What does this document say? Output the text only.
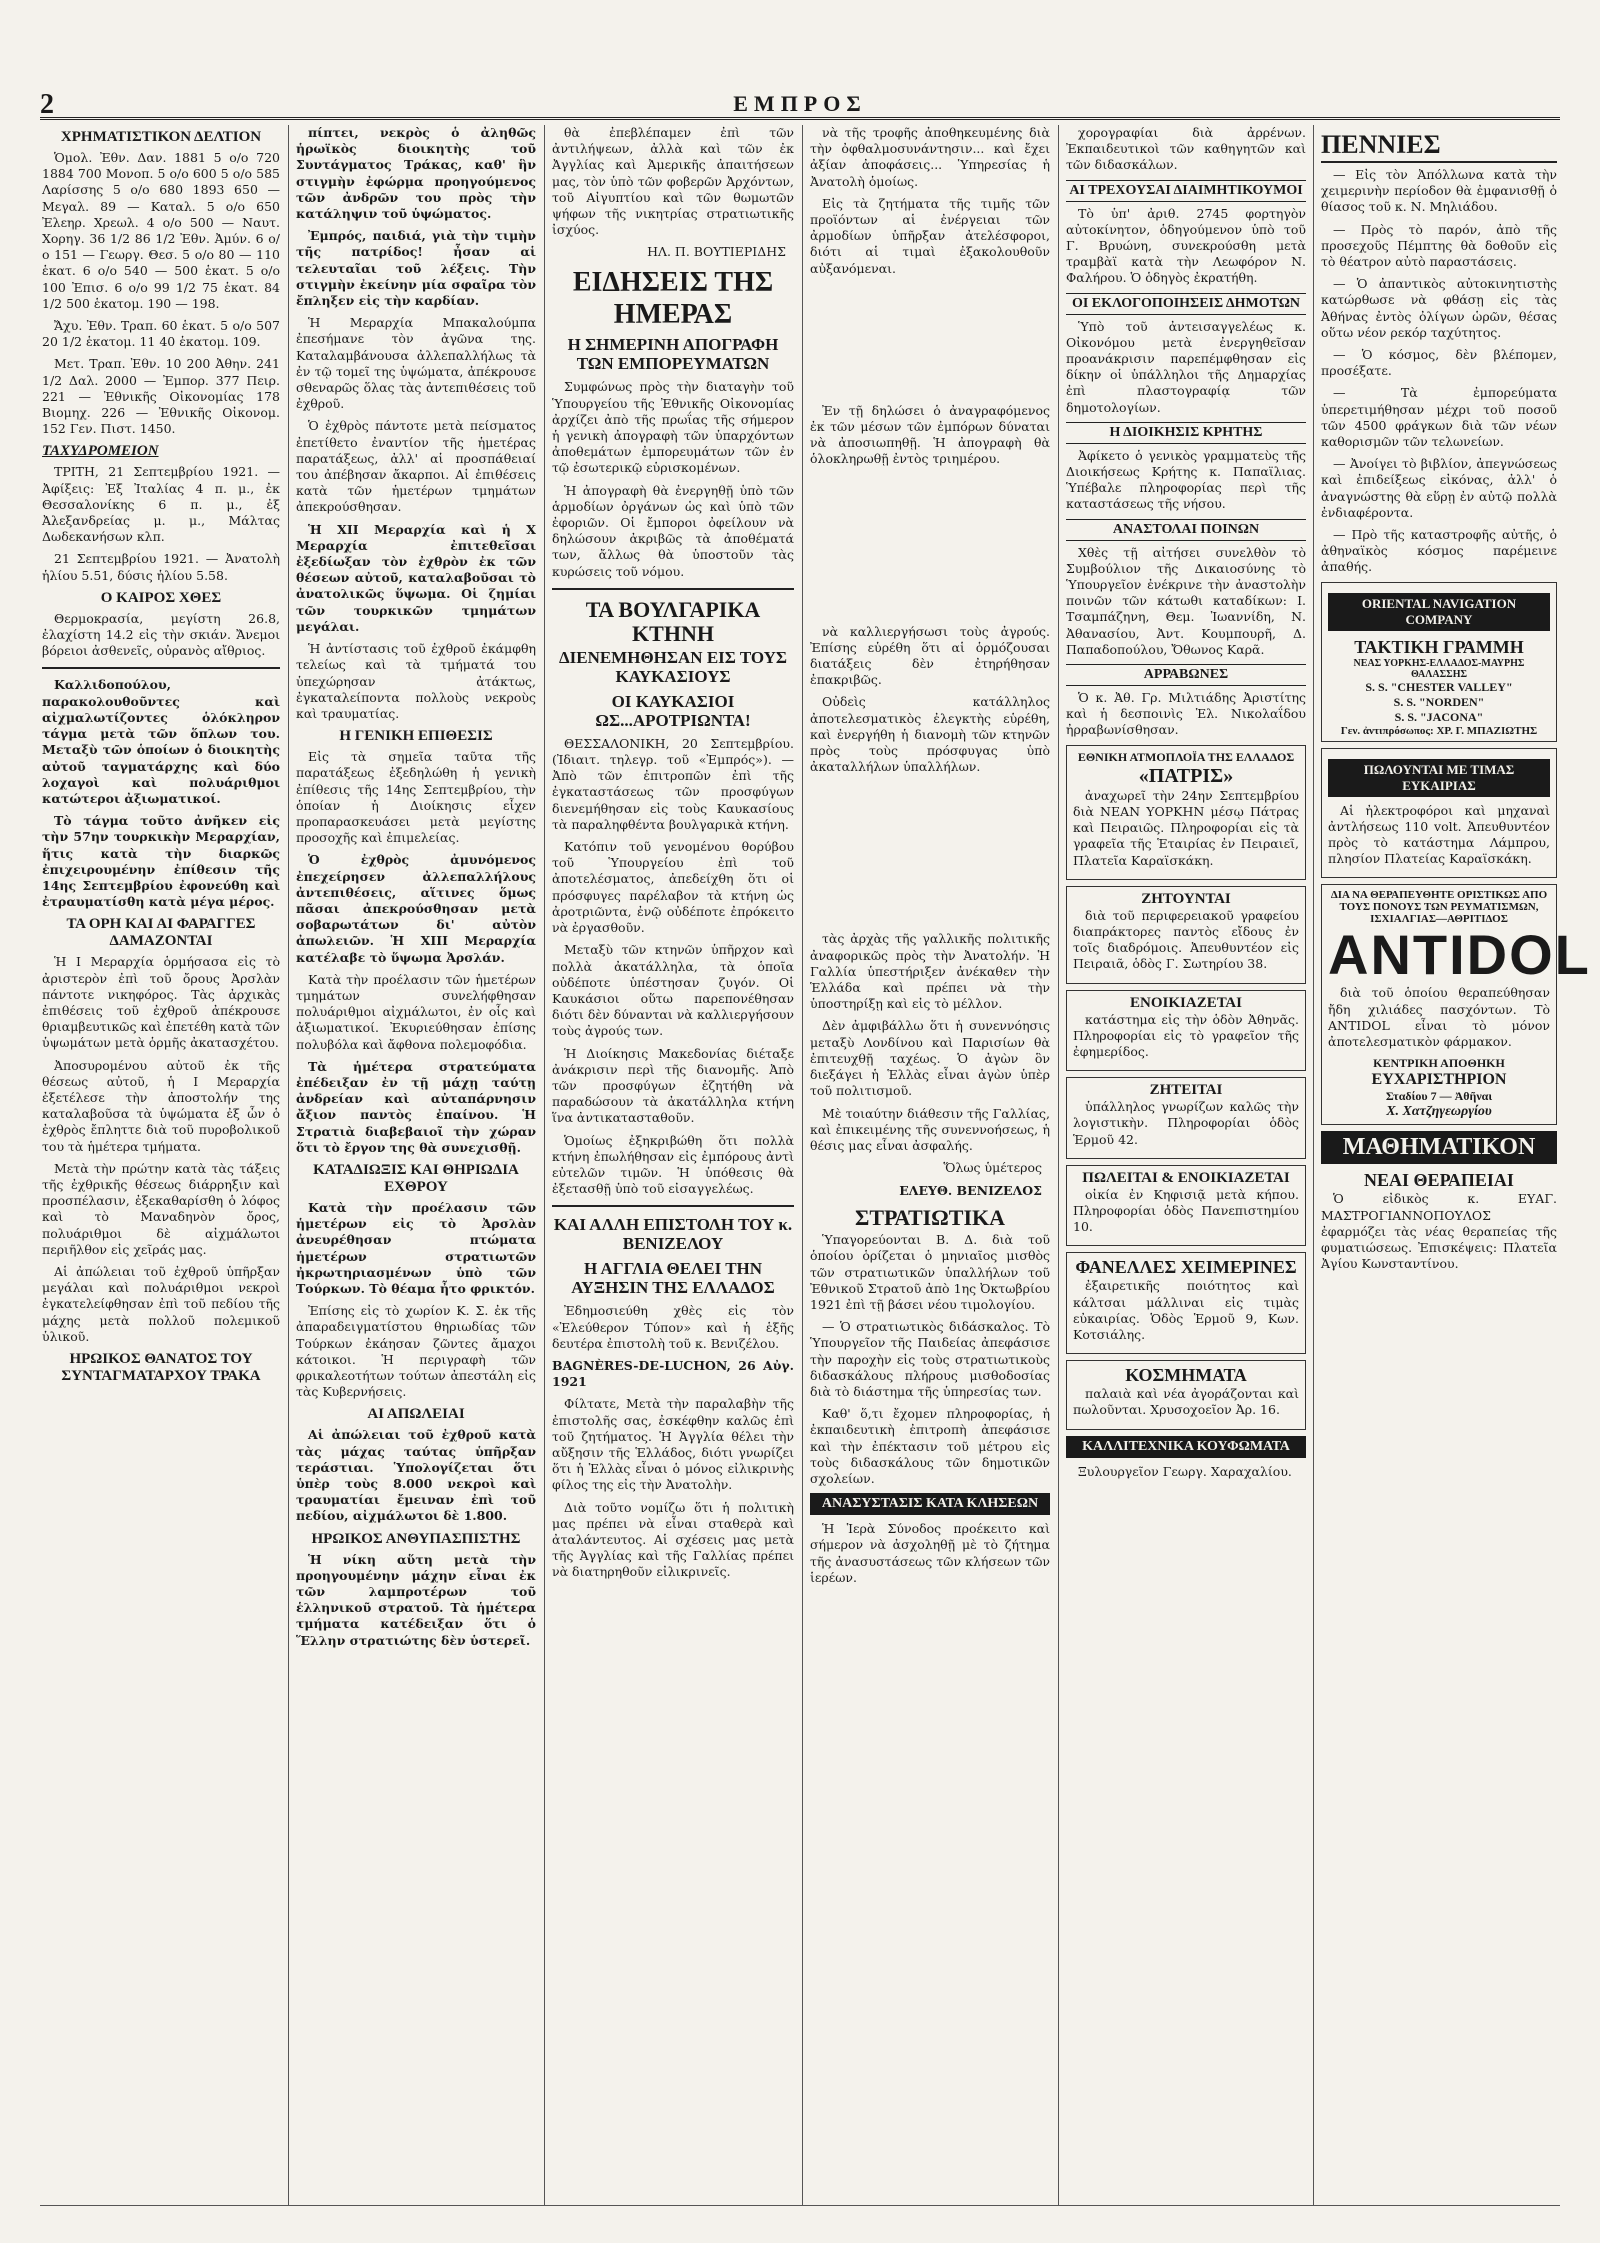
2	ΕΜΠΡΟΣ
ΧΡΗΜΑΤΙΣΤΙΚΟΝ ΔΕΛΤΙΟΝ

Ὁμολ. Ἐθν. Δαν. 1881 5 ο/ο 720 1884 700 Μονοπ. 5 ο/ο 600 5 ο/ο 585 Λαρίσσης 5 ο/ο 680 1893 650 — Μεγαλ. 89 — Καταλ. 5 ο/ο 650 Ἐλεηρ. Χρεωλ. 4 ο/ο 500 — Ναυτ. Χορηγ. 36 1/2 86 1/2 Ἐθν. Ἀμύν. 6 ο/ο 151 — Γεωργ. Θεσ. 5 ο/ο 80 — 110 ἑκατ. 6 ο/ο 540 — 500 ἑκατ. 5 ο/ο 100 Ἐπισ. 6 ο/ο 99 1/2 75 ἑκατ. 84 1/2 500 ἑκατομ. 190 — 198.

Ἄχυ. Ἐθν. Τραπ. 60 ἑκατ. 5 ο/ο 507 20 1/2 ἑκατομ. 11 40 ἑκατομ. 109.

Μετ. Τραπ. Ἐθν. 10 200 Ἀθην. 241 1/2 Δαλ. 2000 — Ἐμπορ. 377 Πειρ. 221 — Ἐθνικῆς Οἰκονομίας 178 Βιομηχ. 226 — Ἐθνικῆς Οἰκονομ. 152 Γεν. Πιστ. 1450.

ΤΑΧΥΔΡΟΜΕΙΟΝ

ΤΡΙΤΗ, 21 Σεπτεμβρίου 1921. — Ἀφίξεις: Ἐξ Ἰταλίας 4 π. μ., ἐκ Θεσσαλονίκης 6 π. μ., ἐξ Ἀλεξανδρείας μ. μ., Μάλτας Δωδεκανήσων κλπ.

21 Σεπτεμβρίου 1921. — Ἀνατολὴ ἡλίου 5.51, δύσις ἡλίου 5.58.

Ο ΚΑΙΡΟΣ ΧΘΕΣ

Θερμοκρασία, μεγίστη 26.8, ἐλαχίστη 14.2 εἰς τὴν σκιάν. Ἄνεμοι βόρειοι ἀσθενεῖς, οὐρανὸς αἴθριος.

Καλλιδοπούλου, παρακολουθοῦντες καὶ αἰχμαλωτίζοντες ὁλόκληρον τάγμα μετὰ τῶν ὅπλων του. Μεταξὺ τῶν ὁποίων ὁ διοικητὴς αὐτοῦ ταγματάρχης καὶ δύο λοχαγοὶ καὶ πολυάριθμοι κατώτεροι ἀξιωματικοί.

Τὸ τάγμα τοῦτο ἀνῆκεν εἰς τὴν 57ην τουρκικὴν Μεραρχίαν, ἥτις κατὰ τὴν διαρκῶς ἐπιχειρουμένην ἐπίθεσιν τῆς 14ης Σεπτεμβρίου ἐφονεύθη καὶ ἐτραυματίσθη κατὰ μέγα μέρος.

ΤΑ ΟΡΗ ΚΑΙ ΑΙ ΦΑΡΑΓΓΕΣ ΔΑΜΑΖΟΝΤΑΙ

Ἡ Ι Μεραρχία ὁρμήσασα εἰς τὸ ἀριστερὸν ἐπὶ τοῦ ὄρους Ἀρσλὰν πάντοτε νικηφόρος. Τὰς ἀρχικὰς ἐπιθέσεις τοῦ ἐχθροῦ ἀπέκρουσε θριαμβευτικῶς καὶ ἐπετέθη κατὰ τῶν ὑψωμάτων μετὰ ὁρμῆς ἀκατασχέτου.

Ἀποσυρομένου αὐτοῦ ἐκ τῆς θέσεως αὐτοῦ, ἡ Ι Μεραρχία ἐξετέλεσε τὴν ἀποστολήν της καταλαβοῦσα τὰ ὑψώματα ἐξ ὧν ὁ ἐχθρὸς ἔπληττε διὰ τοῦ πυροβολικοῦ του τὰ ἡμέτερα τμήματα.

Μετὰ τὴν πρώτην κατὰ τὰς τάξεις τῆς ἐχθρικῆς θέσεως διάρρηξιν καὶ προσπέλασιν, ἐξεκαθαρίσθη ὁ λόφος καὶ τὸ Μαναδηνὸν ὄρος, πολυάριθμοι δὲ αἰχμάλωτοι περιῆλθον εἰς χεῖράς μας.

Αἱ ἀπώλειαι τοῦ ἐχθροῦ ὑπῆρξαν μεγάλαι καὶ πολυάριθμοι νεκροὶ ἐγκατελείφθησαν ἐπὶ τοῦ πεδίου τῆς μάχης μετὰ πολλοῦ πολεμικοῦ ὑλικοῦ.

ΗΡΩΙΚΟΣ ΘΑΝΑΤΟΣ ΤΟΥ ΣΥΝΤΑΓΜΑΤΑΡΧΟΥ ΤΡΑΚΑ

πίπτει, νεκρὸς ὁ ἀληθῶς ἡρωϊκὸς διοικητὴς τοῦ Συντάγματος Τράκας, καθ' ἣν στιγμὴν ἐφώρμα προηγούμενος τῶν ἀνδρῶν του πρὸς τὴν κατάληψιν τοῦ ὑψώματος.

Ἐμπρός, παιδιά, γιὰ τὴν τιμὴν τῆς πατρίδος! ἦσαν αἱ τελευταῖαι τοῦ λέξεις. Τὴν στιγμὴν ἐκείνην μία σφαῖρα τὸν ἔπληξεν εἰς τὴν καρδίαν.

Ἡ Μεραρχία Μπακαλούμπα ἐπεσήμανε τὸν ἀγῶνα της. Καταλαμβάνουσα ἀλλεπαλλήλως τὰ ἐν τῷ τομεῖ της ὑψώματα, ἀπέκρουσε σθεναρῶς ὅλας τὰς ἀντεπιθέσεις τοῦ ἐχθροῦ.

Ὁ ἐχθρὸς πάντοτε μετὰ πείσματος ἐπετίθετο ἐναντίον τῆς ἡμετέρας παρατάξεως, ἀλλ' αἱ προσπάθειαί του ἀπέβησαν ἄκαρποι. Αἱ ἐπιθέσεις κατὰ τῶν ἡμετέρων τμημάτων ἀπεκρούσθησαν.

Ἡ XII Μεραρχία καὶ ἡ Χ Μεραρχία ἐπιτεθεῖσαι ἐξεδίωξαν τὸν ἐχθρὸν ἐκ τῶν θέσεων αὐτοῦ, καταλαβοῦσαι τὸ ἀνατολικῶς ὕψωμα. Οἱ ζημίαι τῶν τουρκικῶν τμημάτων μεγάλαι.

Ἡ ἀντίστασις τοῦ ἐχθροῦ ἐκάμφθη τελείως καὶ τὰ τμήματά του ὑπεχώρησαν ἀτάκτως, ἐγκαταλείποντα πολλοὺς νεκροὺς καὶ τραυματίας.

Η ΓΕΝΙΚΗ ΕΠΙΘΕΣΙΣ

Εἰς τὰ σημεῖα ταῦτα τῆς παρατάξεως ἐξεδηλώθη ἡ γενικὴ ἐπίθεσις τῆς 14ης Σεπτεμβρίου, τὴν ὁποίαν ἡ Διοίκησις εἶχεν προπαρασκευάσει μετὰ μεγίστης προσοχῆς καὶ ἐπιμελείας.

Ὁ ἐχθρὸς ἀμυνόμενος ἐπεχείρησεν ἀλλεπαλλήλους ἀντεπιθέσεις, αἵτινες ὅμως πᾶσαι ἀπεκρούσθησαν μετὰ σοβαρωτάτων δι' αὐτὸν ἀπωλειῶν. Ἡ XIII Μεραρχία κατέλαβε τὸ ὕψωμα Ἀρσλάν.

Κατὰ τὴν προέλασιν τῶν ἡμετέρων τμημάτων συνελήφθησαν πολυάριθμοι αἰχμάλωτοι, ἐν οἷς καὶ ἀξιωματικοί. Ἐκυριεύθησαν ἐπίσης πολυβόλα καὶ ἄφθονα πολεμοφόδια.

Τὰ ἡμέτερα στρατεύματα ἐπέδειξαν ἐν τῇ μάχῃ ταύτῃ ἀνδρείαν καὶ αὐταπάρνησιν ἄξιον παντὸς ἐπαίνου. Ἡ Στρατιὰ διαβεβαιοῖ τὴν χώραν ὅτι τὸ ἔργον της θὰ συνεχισθῇ.

ΚΑΤΑΔΙΩΞΙΣ ΚΑΙ ΘΗΡΙΩΔΙΑ ΕΧΘΡΟΥ

Κατὰ τὴν προέλασιν τῶν ἡμετέρων εἰς τὸ Ἀρσλὰν ἀνευρέθησαν πτώματα ἡμετέρων στρατιωτῶν ἠκρωτηριασμένων ὑπὸ τῶν Τούρκων. Τὸ θέαμα ἦτο φρικτόν.

Ἐπίσης εἰς τὸ χωρίον Κ. Σ. ἐκ τῆς ἀπαραδειγματίστου θηριωδίας τῶν Τούρκων ἐκάησαν ζῶντες ἄμαχοι κάτοικοι. Ἡ περιγραφὴ τῶν φρικαλεοτήτων τούτων ἀπεστάλη εἰς τὰς Κυβερνήσεις.

ΑΙ ΑΠΩΛΕΙΑΙ

Αἱ ἀπώλειαι τοῦ ἐχθροῦ κατὰ τὰς μάχας ταύτας ὑπῆρξαν τεράστιαι. Ὑπολογίζεται ὅτι ὑπὲρ τοὺς 8.000 νεκροὶ καὶ τραυματίαι ἔμειναν ἐπὶ τοῦ πεδίου, αἰχμάλωτοι δὲ 1.800.

ΗΡΩΙΚΟΣ ΑΝΘΥΠΑΣΠΙΣΤΗΣ

Ἡ νίκη αὕτη μετὰ τὴν προηγουμένην μάχην εἶναι ἐκ τῶν λαμπροτέρων τοῦ ἑλληνικοῦ στρατοῦ. Τὰ ἡμέτερα τμήματα κατέδειξαν ὅτι ὁ Ἕλλην στρατιώτης δὲν ὑστερεῖ.

θὰ ἐπεβλέπαμεν ἐπὶ τῶν ἀντιλήψεων, ἀλλὰ καὶ τῶν ἐκ Ἀγγλίας καὶ Ἀμερικῆς ἀπαιτήσεων μας, τὸν ὑπὸ τῶν φοβερῶν Ἀρχόντων, τοῦ Αἰγυπτίου καὶ τῶν θωμωτῶν ψήφων τῆς νικητρίας στρατιωτικῆς ἰσχύος.

ΗΛ. Π. ΒΟΥΤΙΕΡΙΔΗΣ
ΕΙΔΗΣΕΙΣ ΤΗΣ ΗΜΕΡΑΣ
Η ΣΗΜΕΡΙΝΗ ΑΠΟΓΡΑΦΗ ΤΩΝ ΕΜΠΟΡΕΥΜΑΤΩΝ

Συμφώνως πρὸς τὴν διαταγὴν τοῦ Ὑπουργείου τῆς Ἐθνικῆς Οἰκονομίας ἀρχίζει ἀπὸ τῆς πρωΐας τῆς σήμερον ἡ γενικὴ ἀπογραφὴ τῶν ὑπαρχόντων ἀποθεμάτων ἐμπορευμάτων τῶν ἐν τῷ ἐσωτερικῷ εὑρισκομένων.

Ἡ ἀπογραφὴ θὰ ἐνεργηθῇ ὑπὸ τῶν ἁρμοδίων ὀργάνων ὡς καὶ ὑπὸ τῶν ἐφοριῶν. Οἱ ἔμποροι ὀφείλουν νὰ δηλώσουν ἀκριβῶς τὰ ἀποθέματά των, ἄλλως θὰ ὑποστοῦν τὰς κυρώσεις τοῦ νόμου.

ΤΑ ΒΟΥΛΓΑΡΙΚΑ ΚΤΗΝΗ
ΔΙΕΝΕΜΗΘΗΣΑΝ ΕΙΣ ΤΟΥΣ ΚΑΥΚΑΣΙΟΥΣ
ΟΙ ΚΑΥΚΑΣΙΟΙ ΩΣ...ΑΡΟΤΡΙΩΝΤΑ!

ΘΕΣΣΑΛΟΝΙΚΗ, 20 Σεπτεμβρίου. (Ἰδιαιτ. τηλεγρ. τοῦ «Ἐμπρός»). — Ἀπὸ τῶν ἐπιτροπῶν ἐπὶ τῆς ἐγκαταστάσεως τῶν προσφύγων διενεμήθησαν εἰς τοὺς Καυκασίους τὰ παραληφθέντα βουλγαρικὰ κτήνη.

Κατόπιν τοῦ γενομένου θορύβου τοῦ Ὑπουργείου ἐπὶ τοῦ ἀποτελέσματος, ἀπεδείχθη ὅτι οἱ πρόσφυγες παρέλαβον τὰ κτήνη ὡς ἀροτριῶντα, ἐνῷ οὐδέποτε ἐπρόκειτο νὰ ἐργασθοῦν.

Μεταξὺ τῶν κτηνῶν ὑπῆρχον καὶ πολλὰ ἀκατάλληλα, τὰ ὁποῖα οὐδέποτε ὑπέστησαν ζυγόν. Οἱ Καυκάσιοι οὕτω παρεπονέθησαν διότι δὲν δύνανται νὰ καλλιεργήσουν τοὺς ἀγρούς των.

Ἡ Διοίκησις Μακεδονίας διέταξε ἀνάκρισιν περὶ τῆς διανομῆς. Ἀπὸ τῶν προσφύγων ἐζητήθη νὰ παραδώσουν τὰ ἀκατάλληλα κτήνη ἵνα ἀντικατασταθοῦν.

Ὁμοίως ἐξηκριβώθη ὅτι πολλὰ κτήνη ἐπωλήθησαν εἰς ἐμπόρους ἀντὶ εὐτελῶν τιμῶν. Ἡ ὑπόθεσις θὰ ἐξετασθῇ ὑπὸ τοῦ εἰσαγγελέως.

ΚΑΙ ΑΛΛΗ ΕΠΙΣΤΟΛΗ ΤΟΥ κ. ΒΕΝΙΖΕΛΟΥ
Η ΑΓΓΛΙΑ ΘΕΛΕΙ ΤΗΝ ΑΥΞΗΣΙΝ ΤΗΣ ΕΛΛΑΔΟΣ

Ἐδημοσιεύθη χθὲς εἰς τὸν «Ἐλεύθερον Τύπον» καὶ ἡ ἑξῆς δευτέρα ἐπιστολὴ τοῦ κ. Βενιζέλου.

BAGNÈRES-DE-LUCHON, 26 Αὐγ. 1921

Φίλτατε, Μετὰ τὴν παραλαβὴν τῆς ἐπιστολῆς σας, ἐσκέφθην καλῶς ἐπὶ τοῦ ζητήματος. Ἡ Ἀγγλία θέλει τὴν αὔξησιν τῆς Ἑλλάδος, διότι γνωρίζει ὅτι ἡ Ἑλλὰς εἶναι ὁ μόνος εἰλικρινὴς φίλος της εἰς τὴν Ἀνατολὴν.

Διὰ τοῦτο νομίζω ὅτι ἡ πολιτικὴ μας πρέπει νὰ εἶναι σταθερὰ καὶ ἀταλάντευτος. Αἱ σχέσεις μας μετὰ τῆς Ἀγγλίας καὶ τῆς Γαλλίας πρέπει νὰ διατηρηθοῦν εἰλικρινεῖς.

νὰ τῆς τροφῆς ἀποθηκευμένης διὰ τὴν ὀφθαλμοσυνάντησιν... καὶ ἔχει ἀξίαν ἀποφάσεις... Ὑπηρεσίας ἡ Ἀνατολὴ ὁμοίως.

Εἰς τὰ ζητήματα τῆς τιμῆς τῶν προϊόντων αἱ ἐνέργειαι τῶν ἀρμοδίων ὑπῆρξαν ἀτελέσφοροι, διότι αἱ τιμαὶ ἐξακολουθοῦν αὐξανόμεναι.

Ἐν τῇ δηλώσει ὁ ἀναγραφόμενος ἐκ τῶν μέσων τῶν ἐμπόρων δύναται νὰ ἀποσιωπηθῇ. Ἡ ἀπογραφὴ θὰ ὁλοκληρωθῇ ἐντὸς τριημέρου.

νὰ καλλιεργήσωσι τοὺς ἀγρούς. Ἐπίσης εὑρέθη ὅτι αἱ ὁρμόζουσαι διατάξεις δὲν ἐτηρήθησαν ἐπακριβῶς.

Οὐδεὶς κατάλληλος ἀποτελεσματικὸς ἐλεγκτὴς εὑρέθη, καὶ ἐνεργήθη ἡ διανομὴ τῶν κτηνῶν πρὸς τοὺς πρόσφυγας ὑπὸ ἀκαταλλήλων ὑπαλλήλων.

τὰς ἀρχὰς τῆς γαλλικῆς πολιτικῆς ἀναφορικῶς πρὸς τὴν Ἀνατολήν. Ἡ Γαλλία ὑπεστήριξεν ἀνέκαθεν τὴν Ἑλλάδα καὶ πρέπει νὰ τὴν ὑποστηρίξῃ καὶ εἰς τὸ μέλλον.

Δὲν ἀμφιβάλλω ὅτι ἡ συνεννόησις μεταξὺ Λονδίνου καὶ Παρισίων θὰ ἐπιτευχθῇ ταχέως. Ὁ ἀγὼν ὃν διεξάγει ἡ Ἑλλὰς εἶναι ἀγὼν ὑπὲρ τοῦ πολιτισμοῦ.

Μὲ τοιαύτην διάθεσιν τῆς Γαλλίας, καὶ ἐπικειμένης τῆς συνεννοήσεως, ἡ θέσις μας εἶναι ἀσφαλής.

Ὅλως ὑμέτερος
ΕΛΕΥΘ. ΒΕΝΙΖΕΛΟΣ
ΣΤΡΑΤΙΩΤΙΚΑ

Ὑπαγορεύονται Β. Δ. διὰ τοῦ ὁποίου ὁρίζεται ὁ μηνιαῖος μισθὸς τῶν στρατιωτικῶν ὑπαλλήλων τοῦ Ἐθνικοῦ Στρατοῦ ἀπὸ 1ης Ὀκτωβρίου 1921 ἐπὶ τῇ βάσει νέου τιμολογίου.

— Ὁ στρατιωτικὸς διδάσκαλος. Τὸ Ὑπουργεῖον τῆς Παιδείας ἀπεφάσισε τὴν παροχὴν εἰς τοὺς στρατιωτικοὺς διδασκάλους πλήρους μισθοδοσίας διὰ τὸ διάστημα τῆς ὑπηρεσίας των.

Καθ' ὅ,τι ἔχομεν πληροφορίας, ἡ ἐκπαιδευτικὴ ἐπιτροπὴ ἀπεφάσισε καὶ τὴν ἐπέκτασιν τοῦ μέτρου εἰς τοὺς διδασκάλους τῶν δημοτικῶν σχολείων.

ΑΝΑΣΥΣΤΑΣΙΣ ΚΑΤΑ ΚΛΗΣΕΩΝ

Ἡ Ἱερὰ Σύνοδος προέκειτο καὶ σήμερον νὰ ἀσχοληθῇ μὲ τὸ ζήτημα τῆς ἀνασυστάσεως τῶν κλήσεων τῶν ἱερέων.

χορογραφίαι διὰ ἀρρένων. Ἐκπαιδευτικοὶ τῶν καθηγητῶν καὶ τῶν διδασκάλων.

ΑΙ ΤΡΕΧΟΥΣΑΙ ΔΙΑΙΜΗΤΙΚΟΥΜΟΙ

Τὸ ὑπ' ἀριθ. 2745 φορτηγὸν αὐτοκίνητον, ὁδηγούμενον ὑπὸ τοῦ Γ. Βρυώνη, συνεκρούσθη μετὰ τραμβὰϊ κατὰ τὴν Λεωφόρον Ν. Φαλήρου. Ὁ ὁδηγὸς ἐκρατήθη.

ΟΙ ΕΚΛΟΓΟΠΟΙΗΣΕΙΣ ΔΗΜΟΤΩΝ

Ὑπὸ τοῦ ἀντεισαγγελέως κ. Οἰκονόμου μετὰ ἐνεργηθεῖσαν προανάκρισιν παρεπέμφθησαν εἰς δίκην οἱ ὑπάλληλοι τῆς Δημαρχίας ἐπὶ πλαστογραφίᾳ τῶν δημοτολογίων.

Η ΔΙΟΙΚΗΣΙΣ ΚΡΗΤΗΣ

Ἀφίκετο ὁ γενικὸς γραμματεὺς τῆς Διοικήσεως Κρήτης κ. Παπαϊλιας. Ὑπέβαλε πληροφορίας περὶ τῆς καταστάσεως τῆς νήσου.

ΑΝΑΣΤΟΛΑΙ ΠΟΙΝΩΝ

Χθὲς τῇ αἰτήσει συνελθὸν τὸ Συμβούλιον τῆς Δικαιοσύνης τὸ Ὑπουργεῖον ἐνέκρινε τὴν ἀναστολὴν ποινῶν τῶν κάτωθι καταδίκων: Ι. Τσαμπάζηνη, Θεμ. Ἰωαννίδη, Ν. Ἀθανασίου, Ἀντ. Κουμπουρῆ, Δ. Παπαδοπούλου, Ὄθωνος Καρᾶ.

ΑΡΡΑΒΩΝΕΣ

Ὁ κ. Ἀθ. Γρ. Μιλτιάδης Ἀριστίτης καὶ ἡ δεσποινὶς Ἑλ. Νικολαΐδου ἠρραβωνίσθησαν.

ΕΘΝΙΚΗ ΑΤΜΟΠΛΟΪΑ ΤΗΣ ΕΛΛΑΔΟΣ
«ΠΑΤΡΙΣ»

ἀναχωρεῖ τὴν 24ην Σεπτεμβρίου διὰ ΝΕΑΝ ΥΟΡΚΗΝ μέσῳ Πάτρας καὶ Πειραιῶς. Πληροφορίαι εἰς τὰ γραφεῖα τῆς Ἑταιρίας ἐν Πειραιεῖ, Πλατεῖα Καραϊσκάκη.

ΖΗΤΟΥΝΤΑΙ

διὰ τοῦ περιφερειακοῦ γραφείου διαπράκτορες παντὸς εἴδους ἐν τοῖς διαδρόμοις. Ἀπευθυντέον εἰς Πειραιᾶ, ὁδὸς Γ. Σωτηρίου 38.

ΕΝΟΙΚΙΑΖΕΤΑΙ

κατάστημα εἰς τὴν ὁδὸν Ἀθηνᾶς. Πληροφορίαι εἰς τὸ γραφεῖον τῆς ἐφημερίδος.

ΖΗΤΕΙΤΑΙ

ὑπάλληλος γνωρίζων καλῶς τὴν λογιστικὴν. Πληροφορίαι ὁδὸς Ἑρμοῦ 42.

ΠΩΛΕΙΤΑΙ & ΕΝΟΙΚΙΑΖΕΤΑΙ

οἰκία ἐν Κηφισιᾷ μετὰ κήπου. Πληροφορίαι ὁδὸς Πανεπιστημίου 10.

ΦΑΝΕΛΛΕΣ ΧΕΙΜΕΡΙΝΕΣ

ἐξαιρετικῆς ποιότητος καὶ κάλτσαι μάλλιναι εἰς τιμὰς εὐκαιρίας. Ὁδὸς Ἑρμοῦ 9, Κων. Κοτσιάλης.

ΚΟΣΜΗΜΑΤΑ

παλαιὰ καὶ νέα ἀγοράζονται καὶ πωλοῦνται. Χρυσοχοεῖον Ἀρ. 16.

ΚΑΛΛΙΤΕΧΝΙΚΑ ΚΟΥΦΩΜΑΤΑ

Ξυλουργεῖον Γεωργ. Χαραχαλίου.

ΠΕΝΝΙΕΣ

— Εἰς τὸν Ἀπόλλωνα κατὰ τὴν χειμερινὴν περίοδον θὰ ἐμφανισθῇ ὁ θίασος τοῦ κ. Ν. Μηλιάδου.

— Πρὸς τὸ παρόν, ἀπὸ τῆς προσεχοῦς Πέμπτης θὰ δοθοῦν εἰς τὸ θέατρον αὐτὸ παραστάσεις.

— Ὁ ἀπαντικὸς αὐτοκινητιστὴς κατώρθωσε νὰ φθάσῃ εἰς τὰς Ἀθήνας ἐντὸς ὀλίγων ὡρῶν, θέσας οὕτω νέον ρεκόρ ταχύτητος.

— Ὁ κόσμος, δὲν βλέπομεν, προσέξατε.

— Τὰ ἐμπορεύματα ὑπερετιμήθησαν μέχρι τοῦ ποσοῦ τῶν 4500 φράγκων διὰ τῶν νέων καθορισμῶν τῶν τελωνείων.

— Ἀνοίγει τὸ βιβλίον, ἀπεγνώσεως καὶ ἐπιδείξεως εἰκόνας, ἀλλ' ὁ ἀναγνώστης θὰ εὕρῃ ἐν αὐτῷ πολλὰ ἐνδιαφέροντα.

— Πρὸ τῆς καταστροφῆς αὐτῆς, ὁ ἀθηναϊκὸς κόσμος παρέμεινε ἀπαθής.

ORIENTAL NAVIGATION COMPANY
ΤΑΚΤΙΚΗ ΓΡΑΜΜΗ
ΝΕΑΣ ΥΟΡΚΗΣ-ΕΛΛΑΔΟΣ-ΜΑΥΡΗΣ ΘΑΛΑΣΣΗΣ
S. S. "CHESTER VALLEY"
S. S. "NORDEN"
S. S. "JACONA"
Γεν. ἀντιπρόσωπος: ΧΡ. Γ. ΜΠΑΖΙΩΤΗΣ
ΠΩΛΟΥΝΤΑΙ ΜΕ ΤΙΜΑΣ ΕΥΚΑΙΡΙΑΣ

Αἱ ἠλεκτροφόροι καὶ μηχαναὶ ἀντλήσεως 110 volt. Ἀπευθυντέον πρὸς τὸ κατάστημα Λάμπρου, πλησίον Πλατείας Καραϊσκάκη.

ΔΙΑ ΝΑ ΘΕΡΑΠΕΥΘΗΤΕ ΟΡΙΣΤΙΚΩΣ ΑΠΟ ΤΟΥΣ ΠΟΝΟΥΣ ΤΩΝ ΡΕΥΜΑΤΙΣΜΩΝ, ΙΣΧΙΑΛΓΙΑΣ—ΑΘΡΙΤΙΔΟΣ
ANTIDOL

διὰ τοῦ ὁποίου θεραπεύθησαν ἤδη χιλιάδες πασχόντων. Τὸ ANTIDOL εἶναι τὸ μόνον ἀποτελεσματικὸν φάρμακον.

ΚΕΝΤΡΙΚΗ ΑΠΟΘΗΚΗ
ΕΥΧΑΡΙΣΤΗΡΙΟΝ
Σταδίου 7 — Ἀθῆναι
Χ. Χατζηγεωργίου
ΜΑΘΗΜΑΤΙΚΟΝ
ΝΕΑΙ ΘΕΡΑΠΕΙΑΙ

Ὁ εἰδικὸς κ. ΕΥΑΓ. ΜΑΣΤΡΟΓΙΑΝΝΟΠΟΥΛΟΣ ἐφαρμόζει τὰς νέας θεραπείας τῆς φυματιώσεως. Ἐπισκέψεις: Πλατεῖα Ἀγίου Κωνσταντίνου.
